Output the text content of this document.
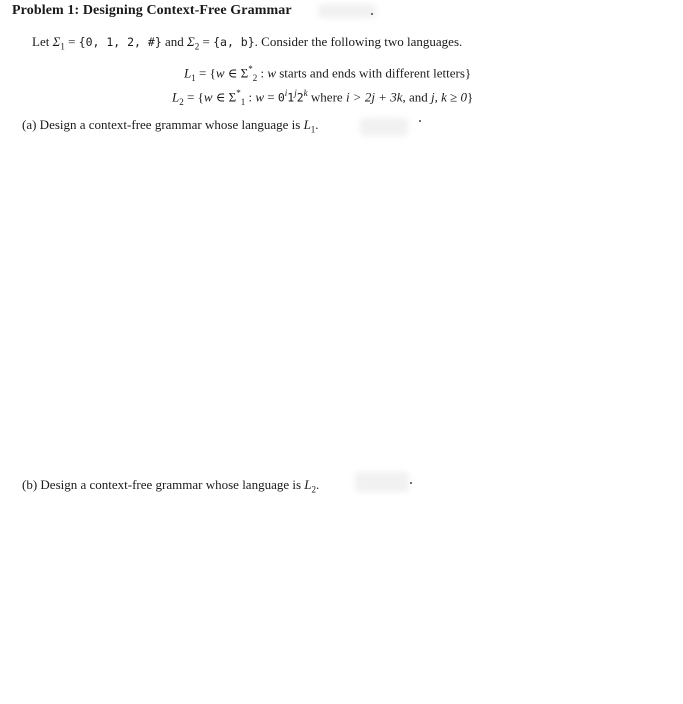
Problem 1: Designing Context-Free Grammar
Let $\Sigma_1 = \{0$, 1, 2, #} and $\Sigma_2 = \{a$, b}. Consider the following two languages.
$L_1 = \{w$ ∈ $\Sigma^*_2$ : w starts and ends with different letters}
$L_2 = \{w$ ∈ $\Sigma^*_1$ : $w = 0^i1^j2^k$ where i > 2j + 3k, and j, k ≥ 0}
(a) Design a context-free grammar whose language is $L_1$.
(b) Design a context-free grammar whose language is $L_2$.
